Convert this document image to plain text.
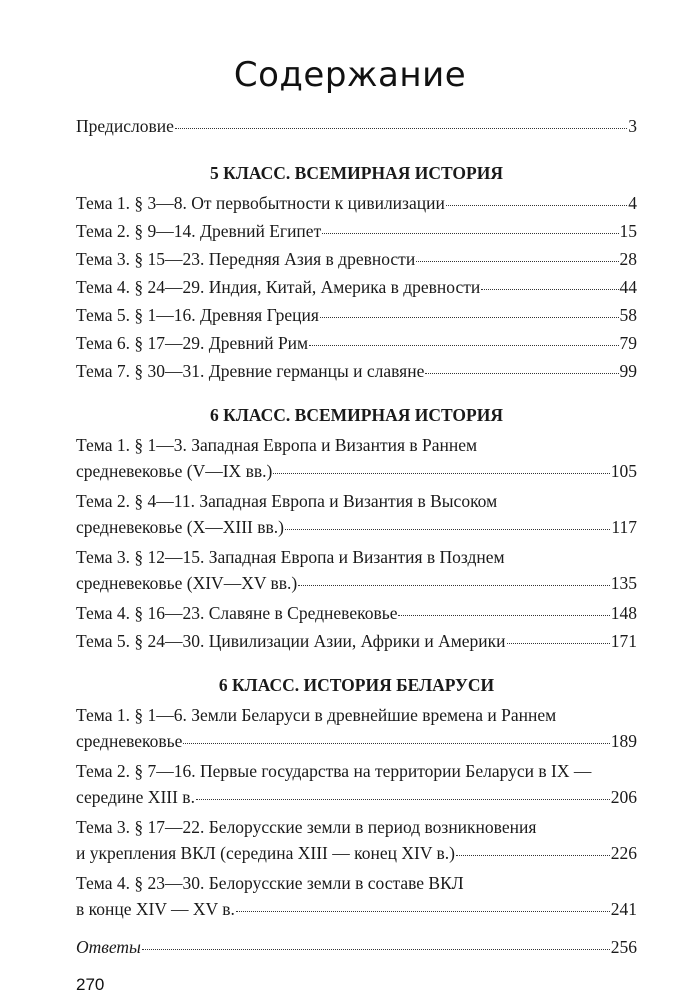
Содержание
Предисловие	3
5 КЛАСС. ВСЕМИРНАЯ ИСТОРИЯ
Тема 1. § 3—8. От первобытности к цивилизации	4
Тема 2. § 9—14. Древний Египет	15
Тема 3. § 15—23. Передняя Азия в древности	28
Тема 4. § 24—29. Индия, Китай, Америка в древности	44
Тема 5. § 1—16. Древняя Греция	58
Тема 6. § 17—29. Древний Рим	79
Тема 7. § 30—31. Древние германцы и славяне	99
6 КЛАСС. ВСЕМИРНАЯ ИСТОРИЯ
Тема 1. § 1—3. Западная Европа и Византия в Раннем
средневековье (V—IX вв.)	105
Тема 2. § 4—11. Западная Европа и Византия в Высоком
средневековье (X—XIII вв.)	117
Тема 3. § 12—15. Западная Европа и Византия в Позднем
средневековье (XIV—XV вв.)	135
Тема 4. § 16—23. Славяне в Средневековье	148
Тема 5. § 24—30. Цивилизации Азии, Африки и Америки	171
6 КЛАСС. ИСТОРИЯ БЕЛАРУСИ
Тема 1. § 1—6. Земли Беларуси в древнейшие времена и Раннем
средневековье	189
Тема 2. § 7—16. Первые государства на территории Беларуси в IX —
середине XIII в.	206
Тема 3. § 17—22. Белорусские земли в период возникновения
и укрепления ВКЛ (середина XIII — конец XIV в.)	226
Тема 4. § 23—30. Белорусские земли в составе ВКЛ
в конце XIV — XV в.	241
Ответы	256
270
